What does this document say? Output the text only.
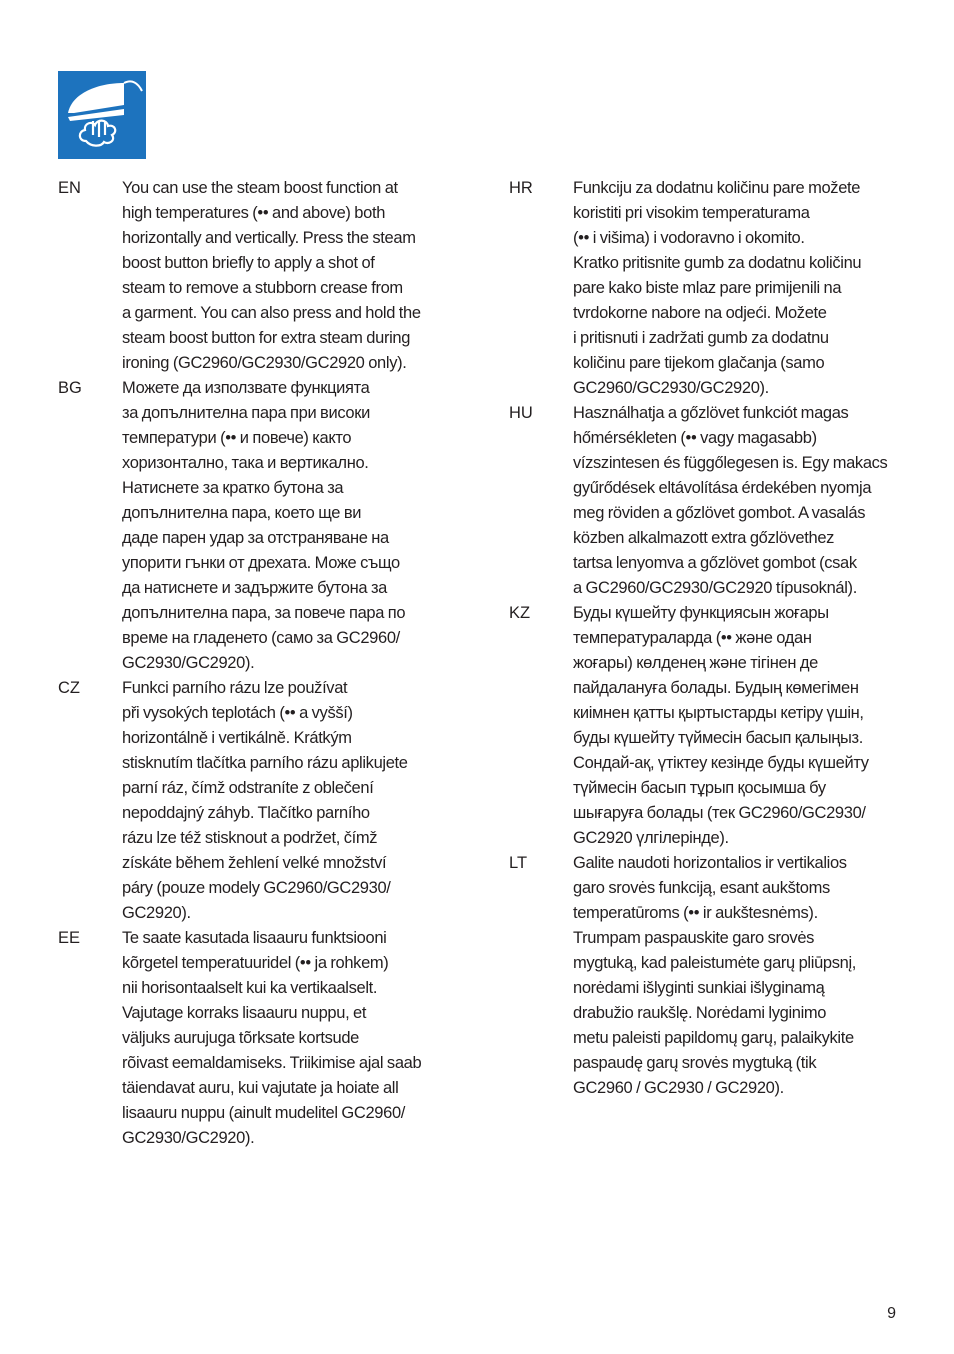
EN	You can use the steam boost function at
high temperatures (•• and above) both
horizontally and vertically. Press the steam
boost button briefly to apply a shot of
steam to remove a stubborn crease from
a garment. You can also press and hold the
steam boost button for extra steam during
ironing (GC2960/GC2930/GC2920 only).
BG	Можете да използвате функцията
за допълнителна пара при високи
температури (•• и повече) както
хоризонтално, така и вертикално.
Натиснете за кратко бутона за
допълнителна пара, което ще ви
даде парен удар за отстраняване на
упорити гънки от дрехата. Може също
да натиснете и задържите бутона за
допълнителна пара, за повече пара по
време на гладенето (само за GC2960/
GC2930/GC2920).
CZ	Funkci parního rázu lze používat
při vysokých teplotách (•• a vyšší)
horizontálně i vertikálně. Krátkým
stisknutím tlačítka parního rázu aplikujete
parní ráz, čímž odstraníte z oblečení
nepoddajný záhyb. Tlačítko parního
rázu lze též stisknout a podržet, čímž
získáte během žehlení velké množství
páry (pouze modely GC2960/GC2930/
GC2920).
EE	Te saate kasutada lisaauru funktsiooni
kõrgetel temperatuuridel (•• ja rohkem)
nii horisontaalselt kui ka vertikaalselt.
Vajutage korraks lisaauru nuppu, et
väljuks aurujuga tõrksate kortsude
rõivast eemaldamiseks. Triikimise ajal saab
täiendavat auru, kui vajutate ja hoiate all
lisaauru nuppu (ainult mudelitel GC2960/
GC2930/GC2920).
HR	Funkciju za dodatnu količinu pare možete
koristiti pri visokim temperaturama
(•• i višima) i vodoravno i okomito.
Kratko pritisnite gumb za dodatnu količinu
pare kako biste mlaz pare primijenili na
tvrdokorne nabore na odjeći. Možete
i pritisnuti i zadržati gumb za dodatnu
količinu pare tijekom glačanja (samo
GC2960/GC2930/GC2920).
HU	Használhatja a gőzlövet funkciót magas
hőmérsékleten (•• vagy magasabb)
vízszintesen és függőlegesen is. Egy makacs
gyűrődések eltávolítása érdekében nyomja
meg röviden a gőzlövet gombot. A vasalás
közben alkalmazott extra gőzlövethez
tartsa lenyomva a gőzlövet gombot (csak
a GC2960/GC2930/GC2920 típusoknál).
KZ	Буды күшейту функциясын жоғары
температураларда (•• және одан
жоғары) көлденең және тігінен де
пайдалануға болады. Будың көмегімен
киімнен қатты қыртыстарды кетіру үшін,
буды күшейту түймесін басып қалыңыз.
Сондай-ақ, үтіктеу кезінде буды күшейту
түймесін басып тұрып қосымша бу
шығаруға болады (тек GC2960/GC2930/
GC2920 үлгілерінде).
LT	Galite naudoti horizontalios ir vertikalios
garo srovės funkciją, esant aukštoms
temperatūroms (•• ir aukštesnėms).
Trumpam paspauskite garo srovės
mygtuką, kad paleistumėte garų pliūpsnį,
norėdami išlyginti sunkiai išlyginamą
drabužio raukšlę. Norėdami lyginimo
metu paleisti papildomų garų, palaikykite
paspaudę garų srovės mygtuką (tik
GC2960 / GC2930 / GC2920).
9
